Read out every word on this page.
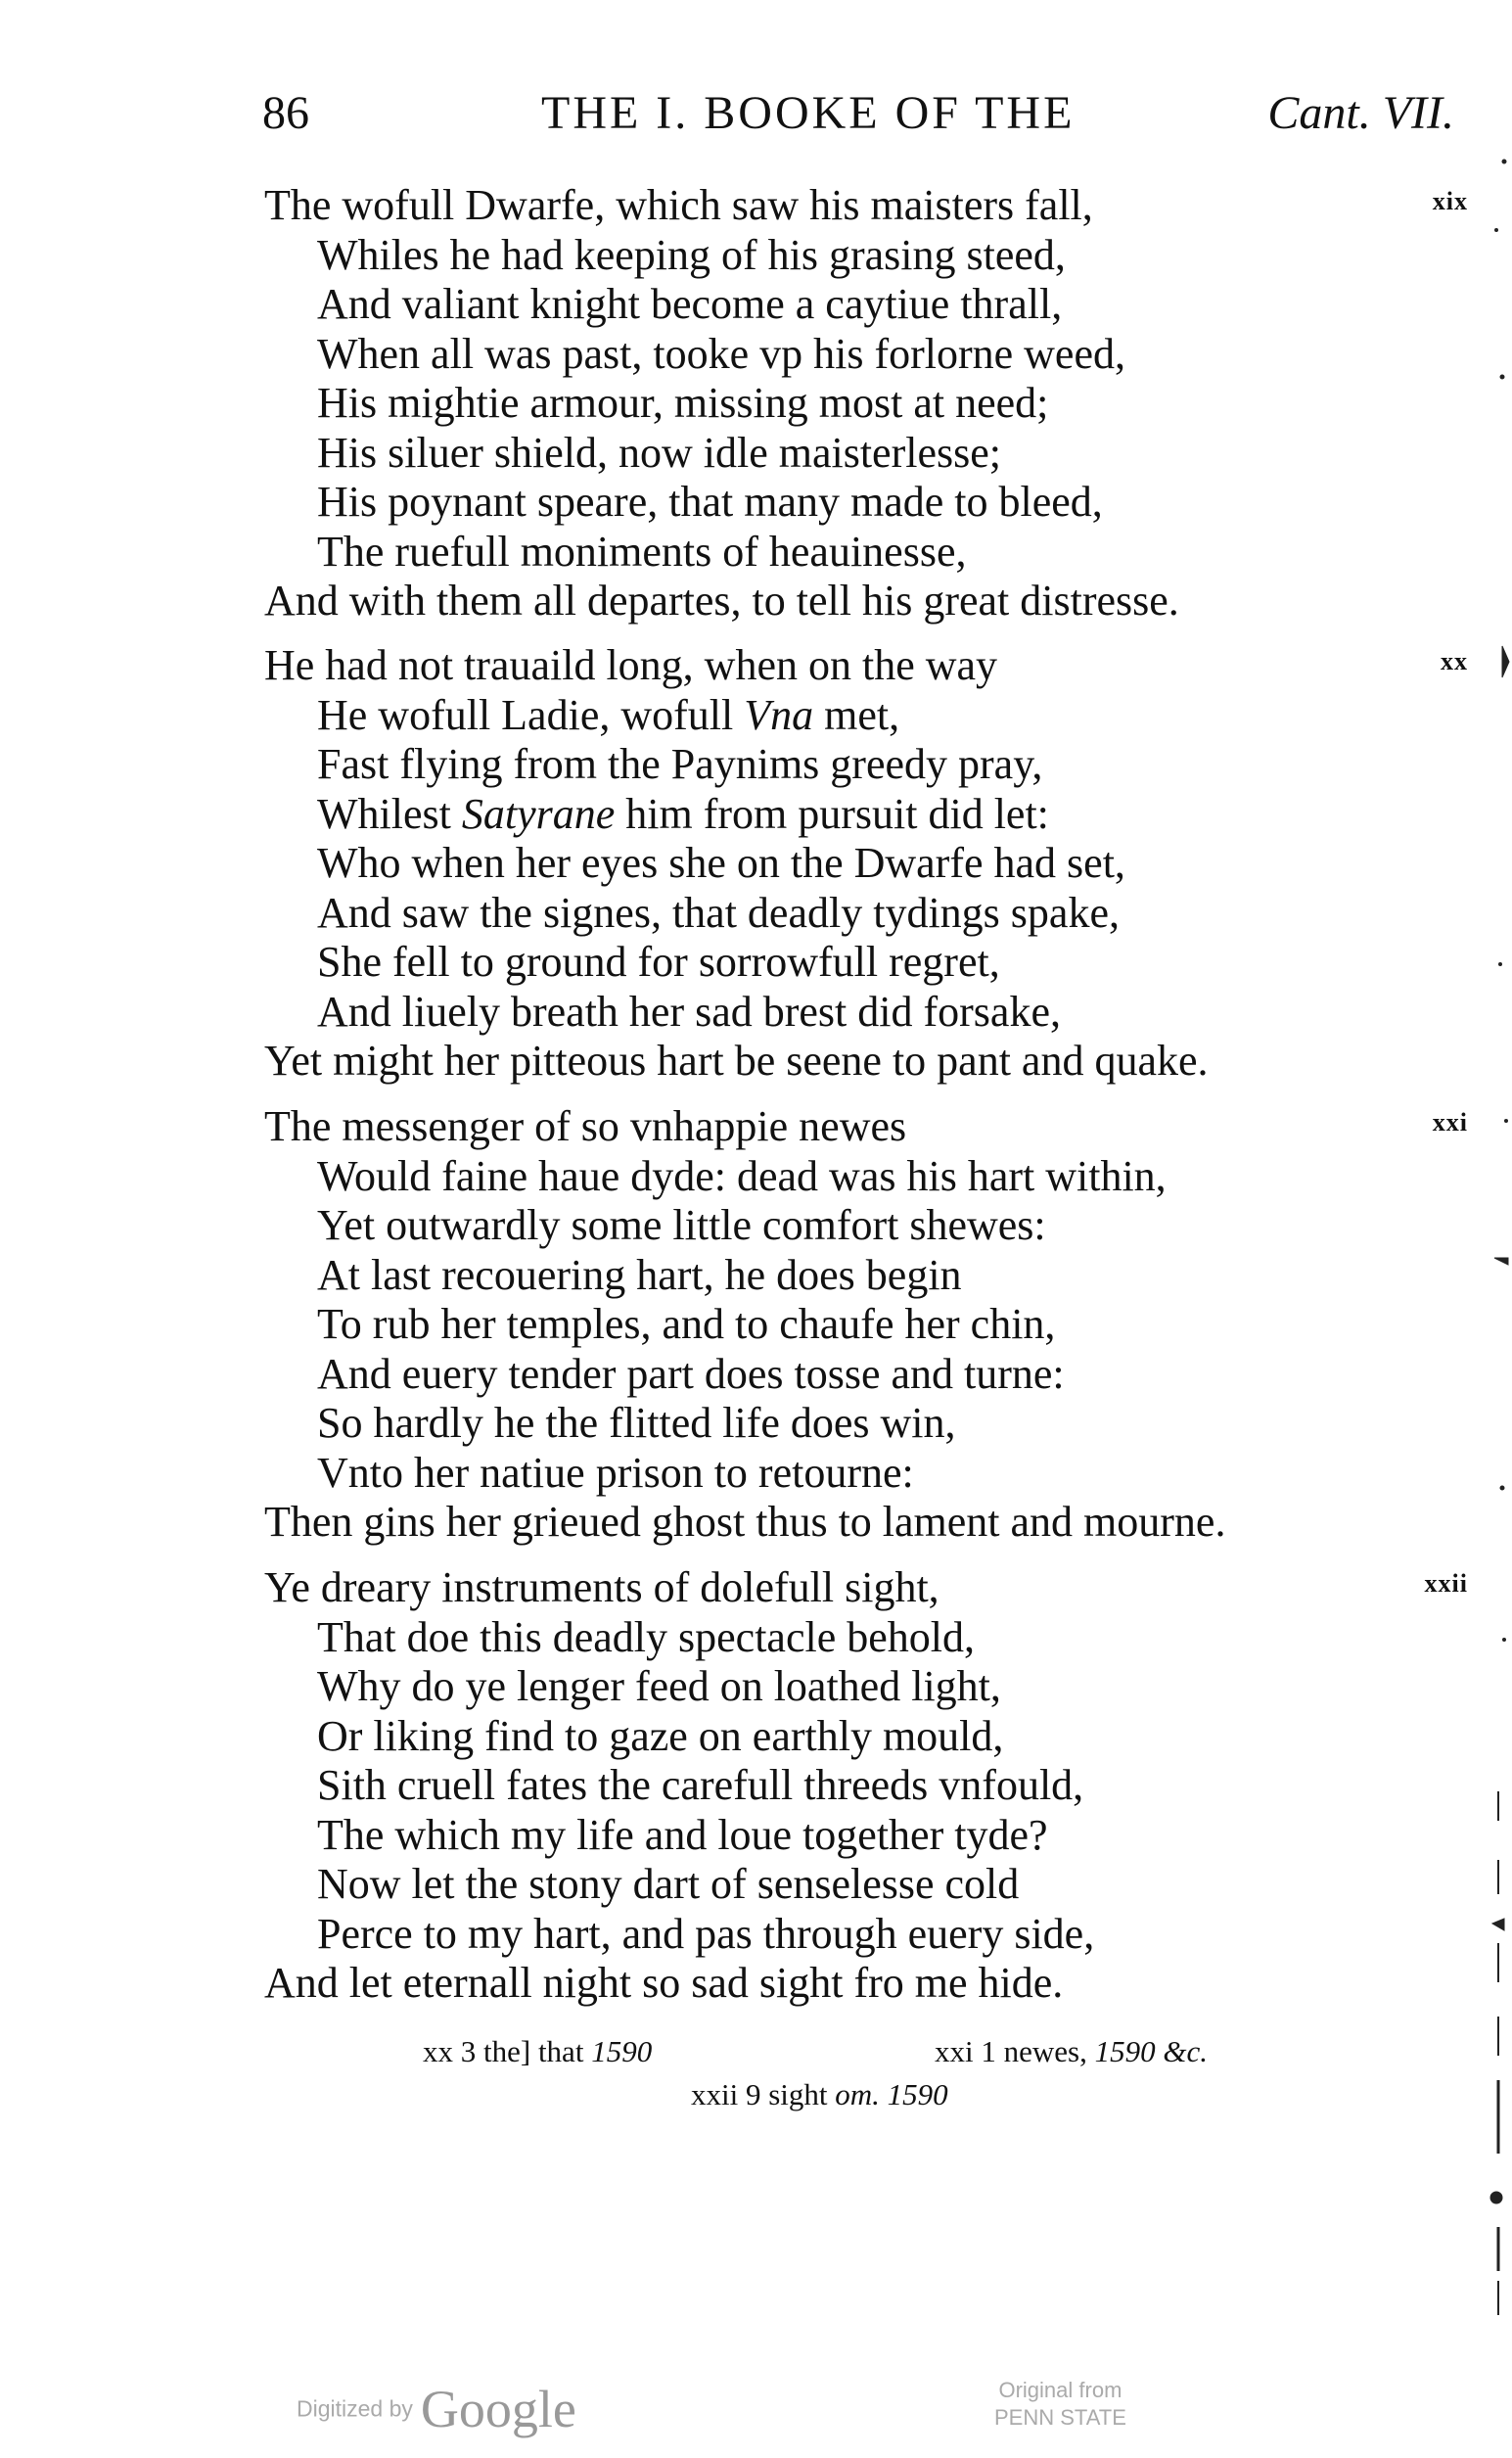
86	THE I. BOOKE OF THE	Cant. VII.
xix
The wofull Dwarfe, which saw his maisters fall,
Whiles he had keeping of his grasing steed,
And valiant knight become a caytiue thrall,
When all was past, tooke vp his forlorne weed,
His mightie armour, missing most at need;
His siluer shield, now idle maisterlesse;
His poynant speare, that many made to bleed,
The ruefull moniments of heauinesse,
And with them all departes, to tell his great distresse.
xx
He had not trauaild long, when on the way
He wofull Ladie, wofull Vna met,
Fast flying from the Paynims greedy pray,
Whilest Satyrane him from pursuit did let:
Who when her eyes she on the Dwarfe had set,
And saw the signes, that deadly tydings spake,
She fell to ground for sorrowfull regret,
And liuely breath her sad brest did forsake,
Yet might her pitteous hart be seene to pant and quake.
xxi
The messenger of so vnhappie newes
Would faine haue dyde: dead was his hart within,
Yet outwardly some little comfort shewes:
At last recouering hart, he does begin
To rub her temples, and to chaufe her chin,
And euery tender part does tosse and turne:
So hardly he the flitted life does win,
Vnto her natiue prison to retourne:
Then gins her grieued ghost thus to lament and mourne.
xxii
Ye dreary instruments of dolefull sight,
That doe this deadly spectacle behold,
Why do ye lenger feed on loathed light,
Or liking find to gaze on earthly mould,
Sith cruell fates the carefull threeds vnfould,
The which my life and loue together tyde?
Now let the stony dart of senselesse cold
Perce to my hart, and pas through euery side,
And let eternall night so sad sight fro me hide.
xx 3 the] that 1590	xxi 1 newes, 1590 &c.
xxii 9 sight om. 1590
Digitized by Google	Original from
PENN STATE
